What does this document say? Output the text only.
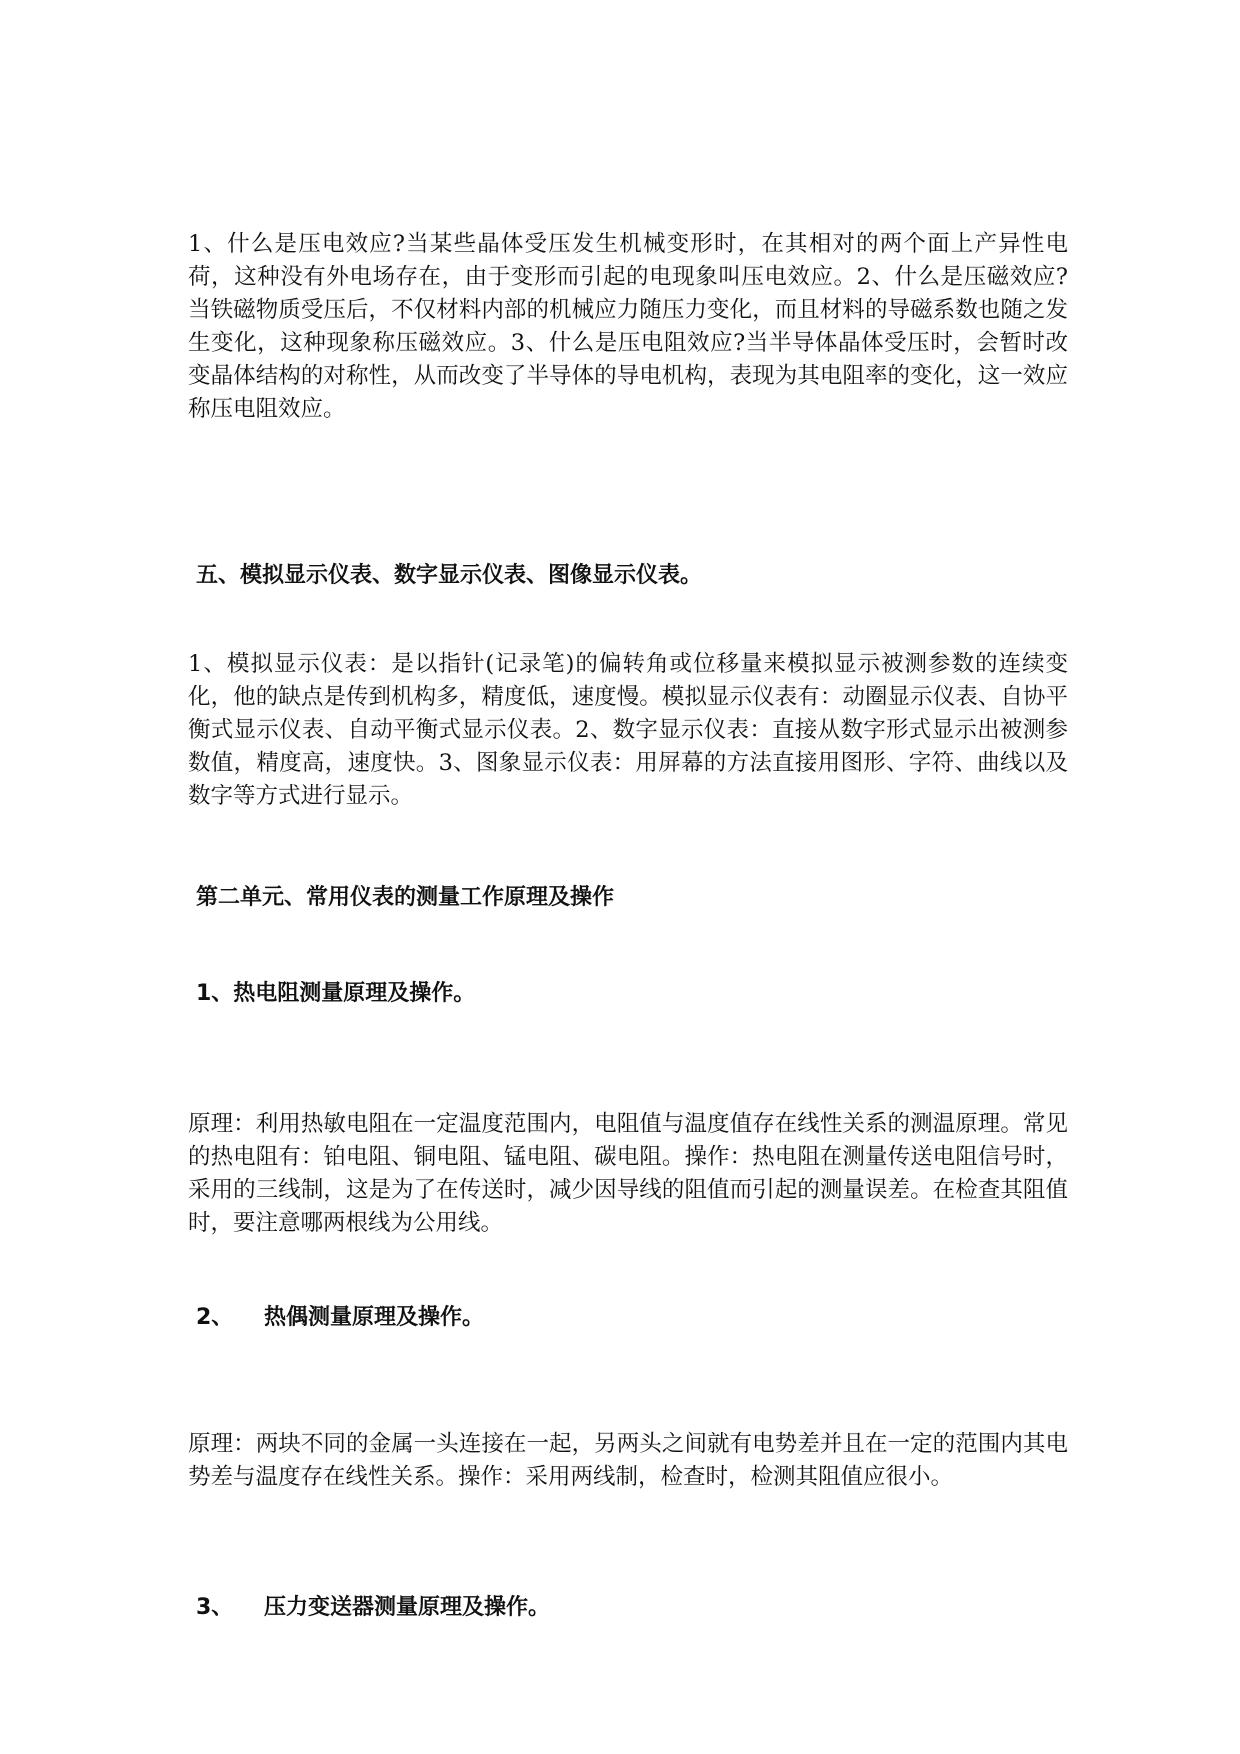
1、什么是压电效应?当某些晶体受压发生机械变形时，在其相对的两个面上产异性电荷，这种没有外电场存在，由于变形而引起的电现象叫压电效应。2、什么是压磁效应?当铁磁物质受压后，不仅材料内部的机械应力随压力变化，而且材料的导磁系数也随之发生变化，这种现象称压磁效应。3、什么是压电阻效应?当半导体晶体受压时，会暂时改变晶体结构的对称性，从而改变了半导体的导电机构，表现为其电阻率的变化，这一效应称压电阻效应。

五、模拟显示仪表、数字显示仪表、图像显示仪表。

1、模拟显示仪表：是以指针(记录笔)的偏转角或位移量来模拟显示被测参数的连续变化，他的缺点是传到机构多，精度低，速度慢。模拟显示仪表有：动圈显示仪表、自协平衡式显示仪表、自动平衡式显示仪表。2、数字显示仪表：直接从数字形式显示出被测参数值，精度高，速度快。3、图象显示仪表：用屏幕的方法直接用图形、字符、曲线以及数字等方式进行显示。

第二单元、常用仪表的测量工作原理及操作
1、热电阻测量原理及操作。

原理：利用热敏电阻在一定温度范围内，电阻值与温度值存在线性关系的测温原理。常见的热电阻有：铂电阻、铜电阻、锰电阻、碳电阻。操作：热电阻在测量传送电阻信号时，采用的三线制，这是为了在传送时，减少因导线的阻值而引起的测量误差。在检查其阻值时，要注意哪两根线为公用线。

2、    热偶测量原理及操作。

原理：两块不同的金属一头连接在一起，另两头之间就有电势差并且在一定的范围内其电势差与温度存在线性关系。操作：采用两线制，检查时，检测其阻值应很小。

3、    压力变送器测量原理及操作。
